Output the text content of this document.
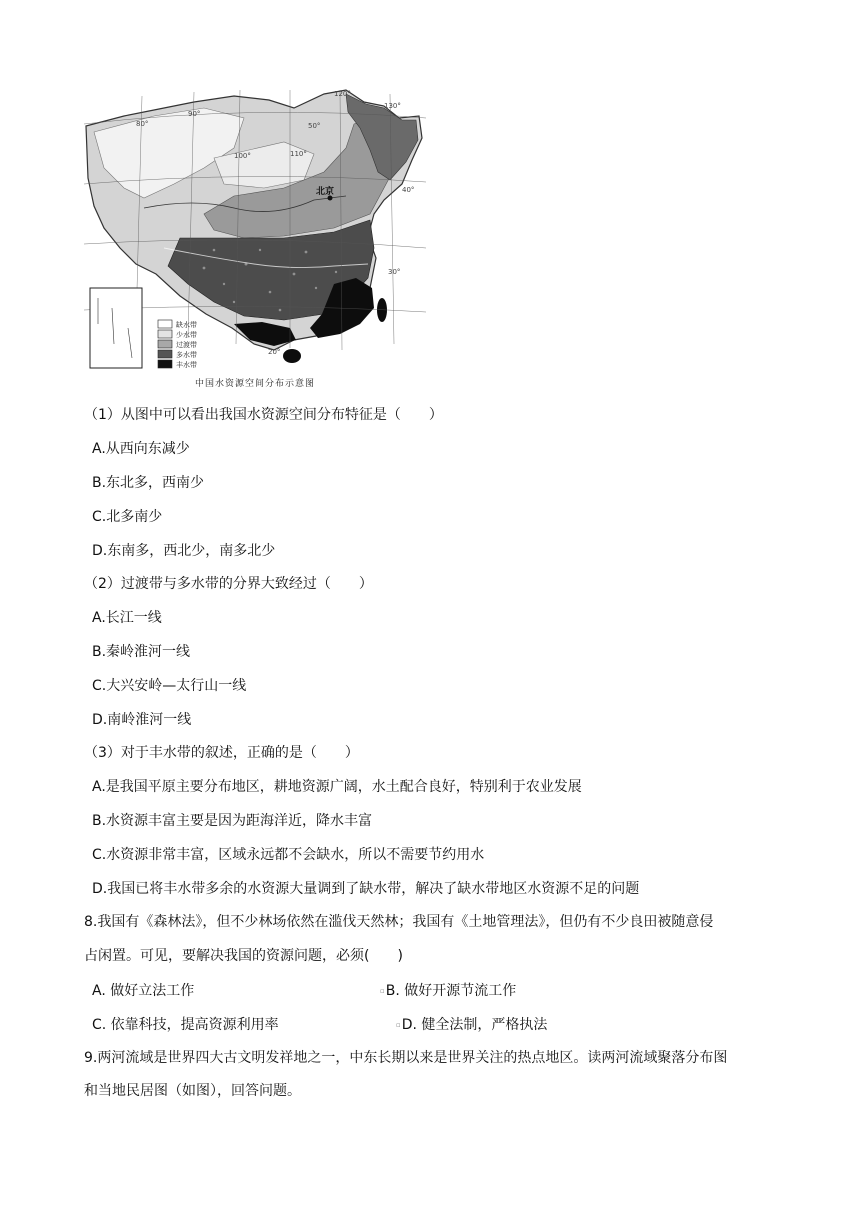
80°
90°
100°	110°
120°
130°
50°
40°
30°
20°
北京
缺水带
少水带
过渡带
多水带
丰水带
中国水资源空间分布示意图
（1）从图中可以看出我国水资源空间分布特征是（　　）
A.从西向东减少
B.东北多，西南少
C.北多南少
D.东南多，西北少，南多北少
（2）过渡带与多水带的分界大致经过（　　）
A.长江一线
B.秦岭淮河一线
C.大兴安岭—太行山一线
D.南岭淮河一线
（3）对于丰水带的叙述，正确的是（　　）
A.是我国平原主要分布地区，耕地资源广阔，水土配合良好，特别利于农业发展
B.水资源丰富主要是因为距海洋近，降水丰富
C.水资源非常丰富，区域永远都不会缺水，所以不需要节约用水
D.我国已将丰水带多余的水资源大量调到了缺水带，解决了缺水带地区水资源不足的问题
8.我国有《森林法》，但不少林场依然在滥伐天然林；我国有《土地管理法》，但仍有不少良田被随意侵
占闲置。可见，要解决我国的资源问题，必须(　　)
A. 做好立法工作	▫B. 做好开源节流工作
C. 依靠科技，提高资源利用率	▫D. 健全法制，严格执法
9.两河流域是世界四大古文明发祥地之一，中东长期以来是世界关注的热点地区。读两河流域聚落分布图
和当地民居图（如图），回答问题。
